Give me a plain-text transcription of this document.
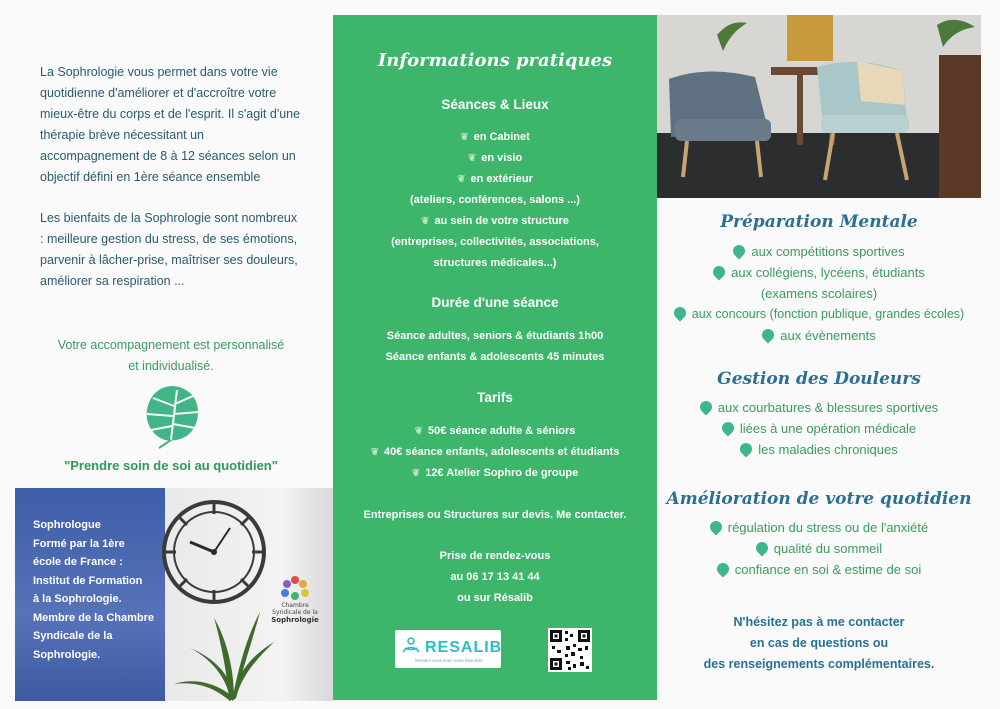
La Sophrologie vous permet dans votre vie quotidienne d'améliorer et d'accroître votre mieux-être du corps et de l'esprit. Il s'agit d'une thérapie brève nécessitant un accompagnement de 8 à 12 séances selon un objectif défini en 1ère séance ensemble

Les bienfaits de la Sophrologie sont nombreux : meilleure gestion du stress, de ses émotions, parvenir à lâcher-prise, maîtriser ses douleurs, améliorer sa respiration ...

Votre accompagnement est personnalisé
et individualisé.
"Prendre soin de soi au quotidien"
Sophrologue
Formé par la 1ère
école de France :
Institut de Formation
à la Sophrologie.
Membre de la Chambre
Syndicale de la
Sophrologie.
Chambre
Syndicale de la
Sophrologie
Informations pratiques
Séances & Lieux
❦ en Cabinet
❦ en visio
❦ en extérieur
(ateliers, conférences, salons ...)
❦ au sein de votre structure
(entreprises, collectivités, associations,
structures médicales...)
Durée d'une séance
Séance adultes, seniors & étudiants 1h00
Séance enfants & adolescents 45 minutes
Tarifs
❦ 50€ séance adulte & séniors
❦ 40€ séance enfants, adolescents et étudiants
❦ 12€ Atelier Sophro de groupe
Entreprises ou Structures sur devis. Me contacter.
Prise de rendez-vous
au 06 17 13 41 44
ou sur Résalib
RESALIB
Rendez-vous avec votre bien-être
Préparation Mentale
aux compétitions sportives
aux collégiens, lycéens, étudiants
(examens scolaires)
aux concours (fonction publique, grandes écoles)
aux évènements
Gestion des Douleurs
aux courbatures & blessures sportives
liées à une opération médicale
les maladies chroniques
Amélioration de votre quotidien
régulation du stress ou de l'anxiété
qualité du sommeil
confiance en soi & estime de soi
N'hésitez pas à me contacter
en cas de questions ou
des renseignements complémentaires.
